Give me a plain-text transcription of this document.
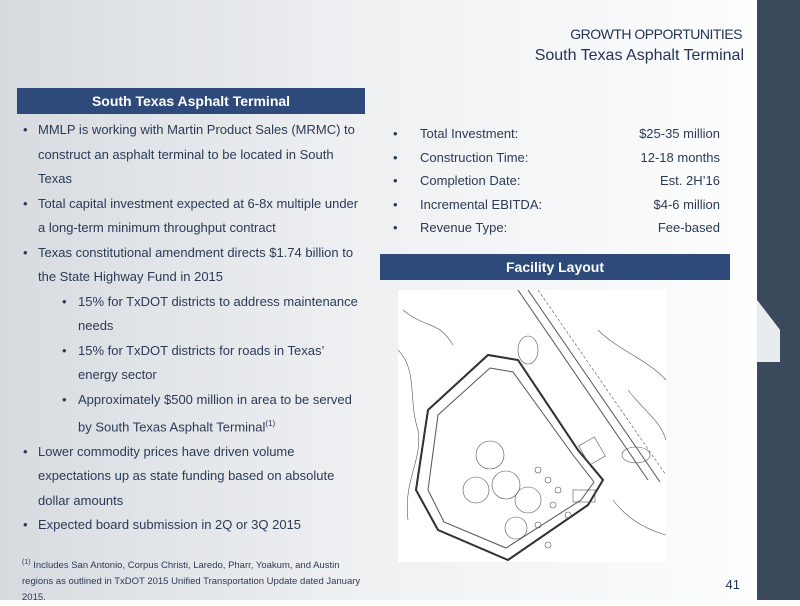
GROWTH OPPORTUNITIES
South Texas Asphalt Terminal
South Texas Asphalt Terminal
• MMLP is working with Martin Product Sales (MRMC) to construct an asphalt terminal to be located in South Texas
• Total capital investment expected at 6-8x multiple under a long-term minimum throughput contract
• Texas constitutional amendment directs $1.74 billion to the State Highway Fund in 2015
• 15% for TxDOT districts to address maintenance needs
• 15% for TxDOT districts for roads in Texas’ energy sector
• Approximately $500 million in area to be served by South Texas Asphalt Terminal$^{(1)}$
• Lower commodity prices have driven volume expectations up as state funding based on absolute dollar amounts
• Expected board submission in 2Q or 3Q 2015
$^{(1)}$ Includes San Antonio, Corpus Christi, Laredo, Pharr, Yoakum, and Austin regions as outlined in TxDOT 2015 Unified Transportation Update dated January 2015.
• Total Investment:	$25-35 million
• Construction Time:	12-18 months
• Completion Date:	Est. 2H’16
• Incremental EBITDA:	$4-6 million
• Revenue Type:	Fee-based
Facility Layout
41
